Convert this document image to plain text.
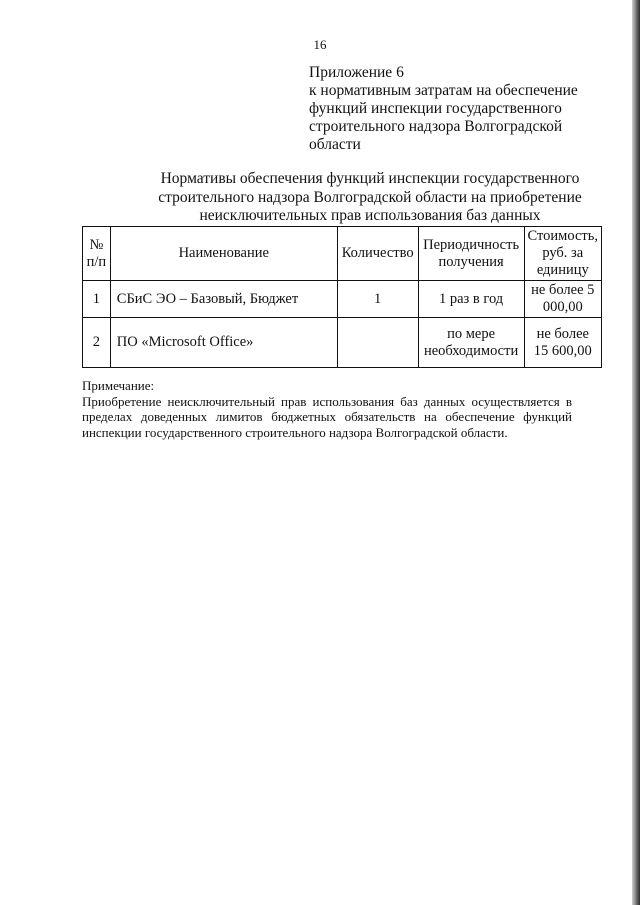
16
Приложение 6
к нормативным затратам на обеспечение
функций инспекции государственного
строительного надзора Волгоградской
области
Нормативы обеспечения функций инспекции государственного
строительного надзора Волгоградской области на приобретение
неисключительных прав использования баз данных
№ п/п	Наименование	Количество	Периодичность получения	Стоимость, руб. за единицу
1	СБиС ЭО – Базовый, Бюджет	1	1 раз в год	не более 5 000,00
2	ПО «Microsoft Office»		по мере необходимости	не более 15 600,00
Примечание:
Приобретение неисключительный прав использования баз данных осуществляется в пределах доведенных лимитов бюджетных обязательств на обеспечение функций инспекции государственного строительного надзора Волгоградской области.
